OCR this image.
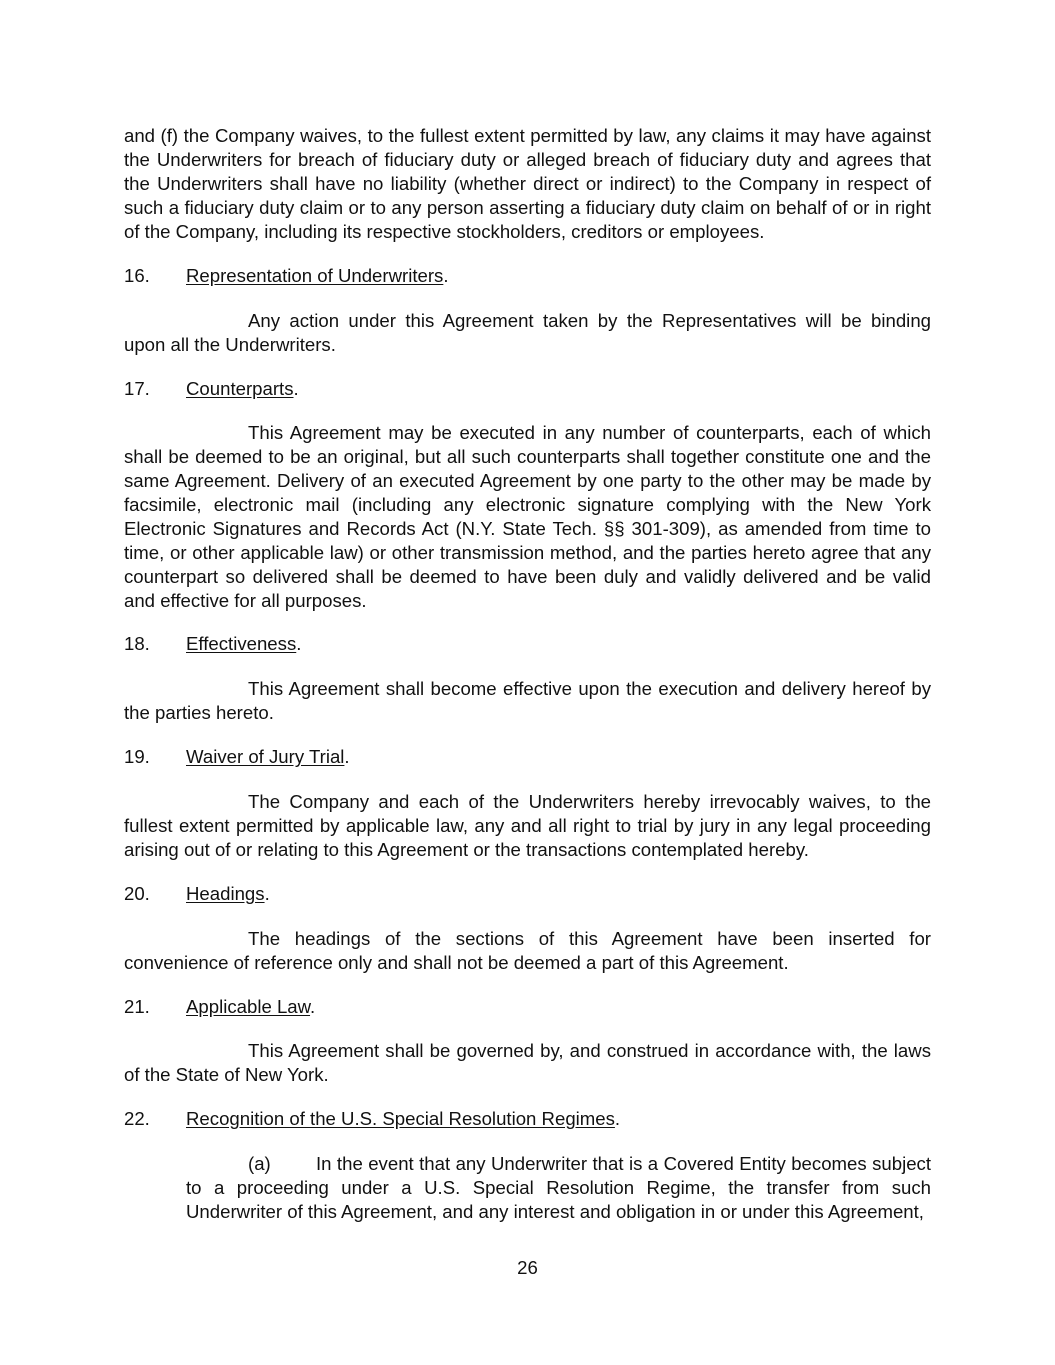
and (f) the Company waives, to the fullest extent permitted by law, any claims it may have against the Underwriters for breach of fiduciary duty or alleged breach of fiduciary duty and agrees that the Underwriters shall have no liability (whether direct or indirect) to the Company in respect of such a fiduciary duty claim or to any person asserting a fiduciary duty claim on behalf of or in right of the Company, including its respective stockholders, creditors or employees.

16. Representation of Underwriters.

Any action under this Agreement taken by the Representatives will be binding upon all the Underwriters.

17. Counterparts.

This Agreement may be executed in any number of counterparts, each of which shall be deemed to be an original, but all such counterparts shall together constitute one and the same Agreement. Delivery of an executed Agreement by one party to the other may be made by facsimile, electronic mail (including any electronic signature complying with the New York Electronic Signatures and Records Act (N.Y. State Tech. §§ 301-309), as amended from time to time, or other applicable law) or other transmission method, and the parties hereto agree that any counterpart so delivered shall be deemed to have been duly and validly delivered and be valid and effective for all purposes.

18. Effectiveness.

This Agreement shall become effective upon the execution and delivery hereof by the parties hereto.

19. Waiver of Jury Trial.

The Company and each of the Underwriters hereby irrevocably waives, to the fullest extent permitted by applicable law, any and all right to trial by jury in any legal proceeding arising out of or relating to this Agreement or the transactions contemplated hereby.

20. Headings.

The headings of the sections of this Agreement have been inserted for convenience of reference only and shall not be deemed a part of this Agreement.

21. Applicable Law.

This Agreement shall be governed by, and construed in accordance with, the laws of the State of New York.

22. Recognition of the U.S. Special Resolution Regimes.

(a) In the event that any Underwriter that is a Covered Entity becomes subject to a proceeding under a U.S. Special Resolution Regime, the transfer from such Underwriter of this Agreement, and any interest and obligation in or under this Agreement,

26
